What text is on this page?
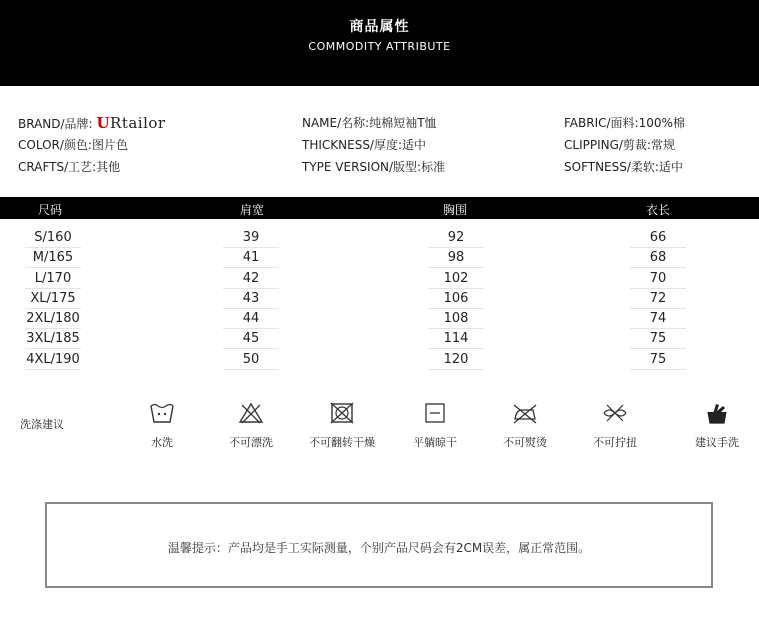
商品属性
COMMODITY ATTRIBUTE
BRAND/品牌: URtailor	NAME/名称:纯棉短袖T恤	FABRIC/面料:100%棉
COLOR/颜色:图片色	THICKNESS/厚度:适中	CLIPPING/剪裁:常规
CRAFTS/工艺:其他	TYPE VERSION/版型:标准	SOFTNESS/柔软:适中
尺码	肩宽	胸围	衣长
S/160	39	92	66
M/165	41	98	68
L/170	42	102	70
XL/175	43	106	72
2XL/180	44	108	74
3XL/185	45	114	75
4XL/190	50	120	75
洗涤建议
水洗	不可漂洗	不可翻转干燥	平躺晾干	不可熨烫	不可拧扭	建议手洗
温馨提示：产品均是手工实际测量，个别产品尺码会有2CM误差，属正常范围。
